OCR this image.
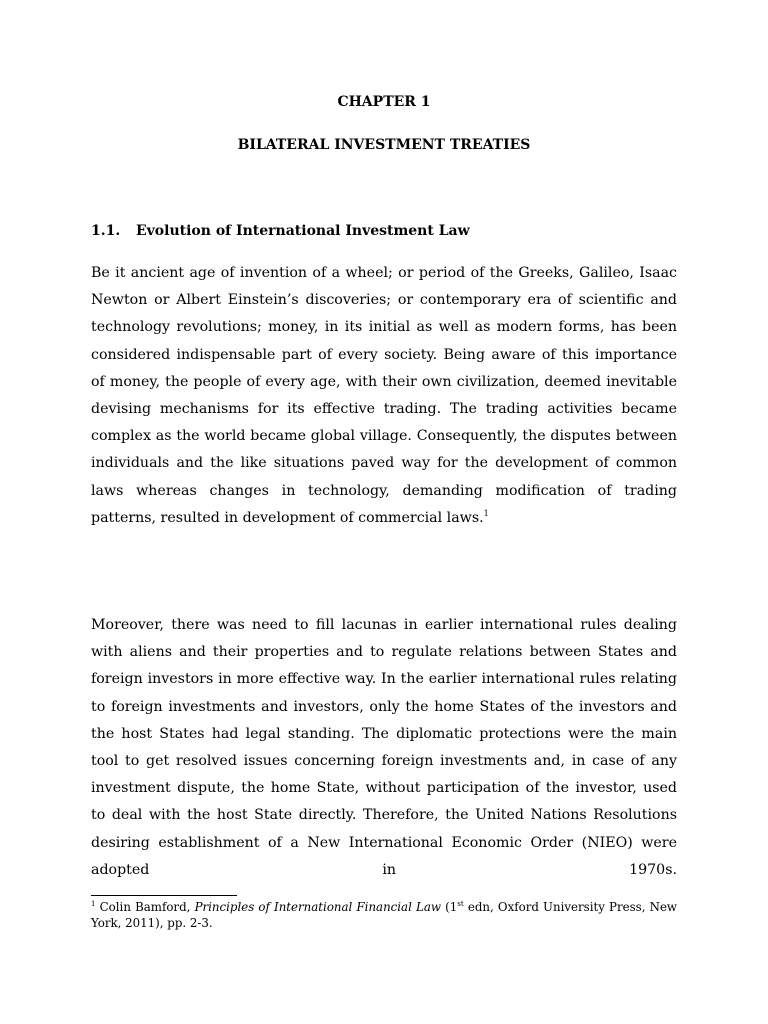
CHAPTER 1
BILATERAL INVESTMENT TREATIES
1.1. Evolution of International Investment Law

Be it ancient age of invention of a wheel; or period of the Greeks, Galileo, Isaac Newton or Albert Einstein’s discoveries; or contemporary era of scientific and technology revolutions; money, in its initial as well as modern forms, has been considered indispensable part of every society. Being aware of this importance of money, the people of every age, with their own civilization, deemed inevitable devising mechanisms for its effective trading. The trading activities became complex as the world became global village. Consequently, the disputes between individuals and the like situations paved way for the development of common laws whereas changes in technology, demanding modification of trading patterns, resulted in development of commercial laws.$^1$

Moreover, there was need to fill lacunas in earlier international rules dealing with aliens and their properties and to regulate relations between States and foreign investors in more effective way. In the earlier international rules relating to foreign investments and investors, only the home States of the investors and the host States had legal standing. The diplomatic protections were the main tool to get resolved issues concerning foreign investments and, in case of any investment dispute, the home State, without participation of the investor, used to deal with the host State directly. Therefore, the United Nations Resolutions desiring establishment of a New International Economic Order (NIEO) were adopted in 1970s.

$^1$ Colin Bamford, Principles of International Financial Law (1st edn, Oxford University Press, New York, 2011), pp. 2-3.
